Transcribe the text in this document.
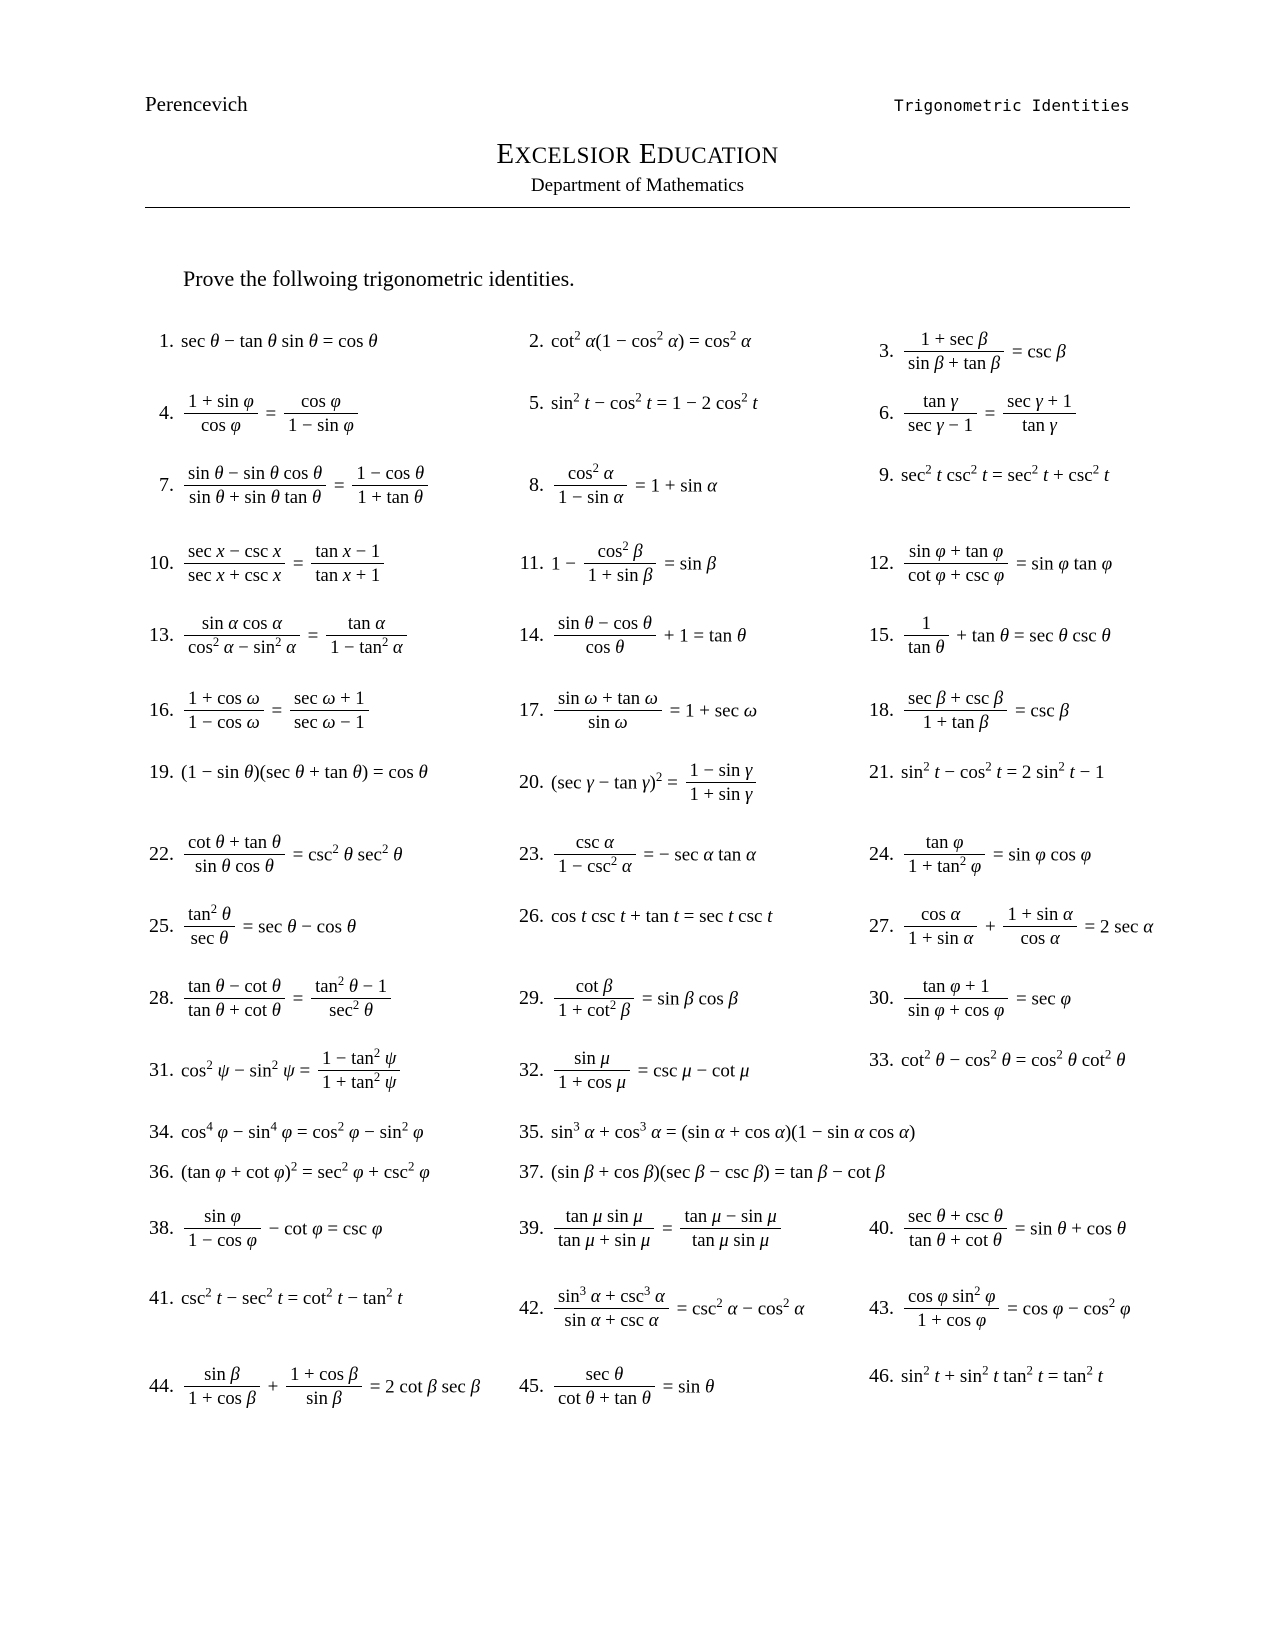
Perencevich	Trigonometric Identities
EXCELSIOR EDUCATION
Department of Mathematics
Prove the follwoing trigonometric identities.
1. sec θ − tan θ sin θ = cos θ	2. $\cot^2 \alpha(1 - \cos^2 \alpha) = \cos^2 \alpha$	3. $\frac{\text{1 + sec β}}{\text{sin β + tan β}} = \csc \beta$
4. $\frac{\text{1 + sin φ}}{\text{cos φ}} = \frac{\text{cos φ}}{\text{1 − sin φ}}$	5. $\sin^2 t - \cos^2 t = 1 - 2$ $\cos^2 t$	6. $\frac{\text{tan γ}}{\text{sec γ − 1}} = \frac{\text{sec γ + 1}}{\text{tan γ}}$
7. $\frac{\text{sin θ − sin θ cos θ}}{\text{sin θ + sin θ tan θ}} = \frac{\text{1 − cos θ}}{\text{1 + tan θ}}$	8. $\frac{\cos^2 \alpha}{\text{1 − sin α}} = 1 + \sin \alpha$	9. $\sec^2 t$ $\csc^2 t = \sec^2 t + \csc^2 t$
10. $\frac{\text{sec x − csc x}}{\text{sec x + csc x}} = \frac{\text{tan x − 1}}{\text{tan x + 1}}$	11. $1 - \frac{\cos^2 \beta}{\text{1 + sin β}} = \sin \beta$	12. $\frac{\text{sin φ + tan φ}}{\text{cot φ + csc φ}} = \sin \varphi$ tan φ
13. $\frac{\text{sin α cos α}}{\cos^2 \alpha - \sin^2 \alpha} = \frac{\text{tan α}}{1 - \tan^2 \alpha}$	14. $\frac{\text{sin θ − cos θ}}{\text{cos θ}} + 1 = \tan \theta$	15. $\frac{1}{\text{tan θ}} + \tan \theta = \sec \theta$ csc θ
16. $\frac{\text{1 + cos ω}}{\text{1 − cos ω}} = \frac{\text{sec ω + 1}}{\text{sec ω − 1}}$	17. $\frac{\text{sin ω + tan ω}}{\text{sin ω}} = 1 + \sec \omega$	18. $\frac{\text{sec β + csc β}}{\text{1 + tan β}} = \csc \beta$
19. (1 − sin θ)(sec θ + tan θ) = cos θ	20. (sec $\gamma - \tan \gamma)^2 = \frac{\text{1 − sin γ}}{\text{1 + sin γ}}$	21. $\sin^2 t - \cos^2 t = 2$ $\sin^2 t - 1$
22. $\frac{\text{cot θ + tan θ}}{\text{sin θ cos θ}} = \csc^2 \theta$ $\sec^2 \theta$	23. $\frac{\text{csc α}}{1 - \csc^2 \alpha}$ = − sec α tan α	24. $\frac{\text{tan φ}}{1 + \tan^2 \varphi} = \sin \varphi$ cos φ
25. $\frac{\tan^2 \theta}{\text{sec θ}} = \sec \theta - \cos \theta$	26. cos t csc t + tan t = sec t csc t	27. $\frac{\text{cos α}}{\text{1 + sin α}} + \frac{\text{1 + sin α}}{\text{cos α}} = 2$ sec α
28. $\frac{\text{tan θ − cot θ}}{\text{tan θ + cot θ}} = \frac{\tan^2 \theta - 1}{\sec^2 \theta}$	29. $\frac{\text{cot β}}{1 + \cot^2 \beta} = \sin \beta$ cos β	30. $\frac{\text{tan φ + 1}}{\text{sin φ + cos φ}} = \sec \varphi$
31. $\cos^2 \psi - \sin^2 \psi = \frac{1 - \tan^2 \psi}{1 + \tan^2 \psi}$	32. $\frac{\text{sin μ}}{\text{1 + cos μ}} = \csc \mu - \cot \mu$	33. $\cot^2 \theta - \cos^2 \theta = \cos^2 \theta$ $\cot^2 \theta$
34. $\cos^4 \varphi - \sin^4 \varphi = \cos^2 \varphi - \sin^2 \varphi$	35. $\sin^3 \alpha + \cos^3 \alpha = (\sin$ α + cos α)(1 − sin α cos α)
36. (tan $\varphi + \cot \varphi)^2 = \sec^2 \varphi + \csc^2 \varphi$	37. (sin β + cos β)(sec β − csc β) = tan β − cot β
38. $\frac{\text{sin φ}}{\text{1 − cos φ}} - \cot \varphi = \csc \varphi$	39. $\frac{\text{tan μ sin μ}}{\text{tan μ + sin μ}} = \frac{\text{tan μ − sin μ}}{\text{tan μ sin μ}}$	40. $\frac{\text{sec θ + csc θ}}{\text{tan θ + cot θ}} = \sin \theta + \cos \theta$
41. $\csc^2 t - \sec^2 t = \cot^2 t - \tan^2 t$	42. $\frac{\sin^3 \alpha + \csc^3 \alpha}{\text{sin α + csc α}} = \csc^2 \alpha - \cos^2 \alpha$	43. $\frac{\cos \varphi \sin^2 \varphi}{\text{1 + cos φ}} = \cos \varphi - \cos^2 \varphi$
44. $\frac{\text{sin β}}{\text{1 + cos β}} + \frac{\text{1 + cos β}}{\text{sin β}} = 2$ cot β sec β	45. $\frac{\text{sec θ}}{\text{cot θ + tan θ}} = \sin \theta$	46. $\sin^2 t + \sin^2 t$ $\tan^2 t = \tan^2 t$
